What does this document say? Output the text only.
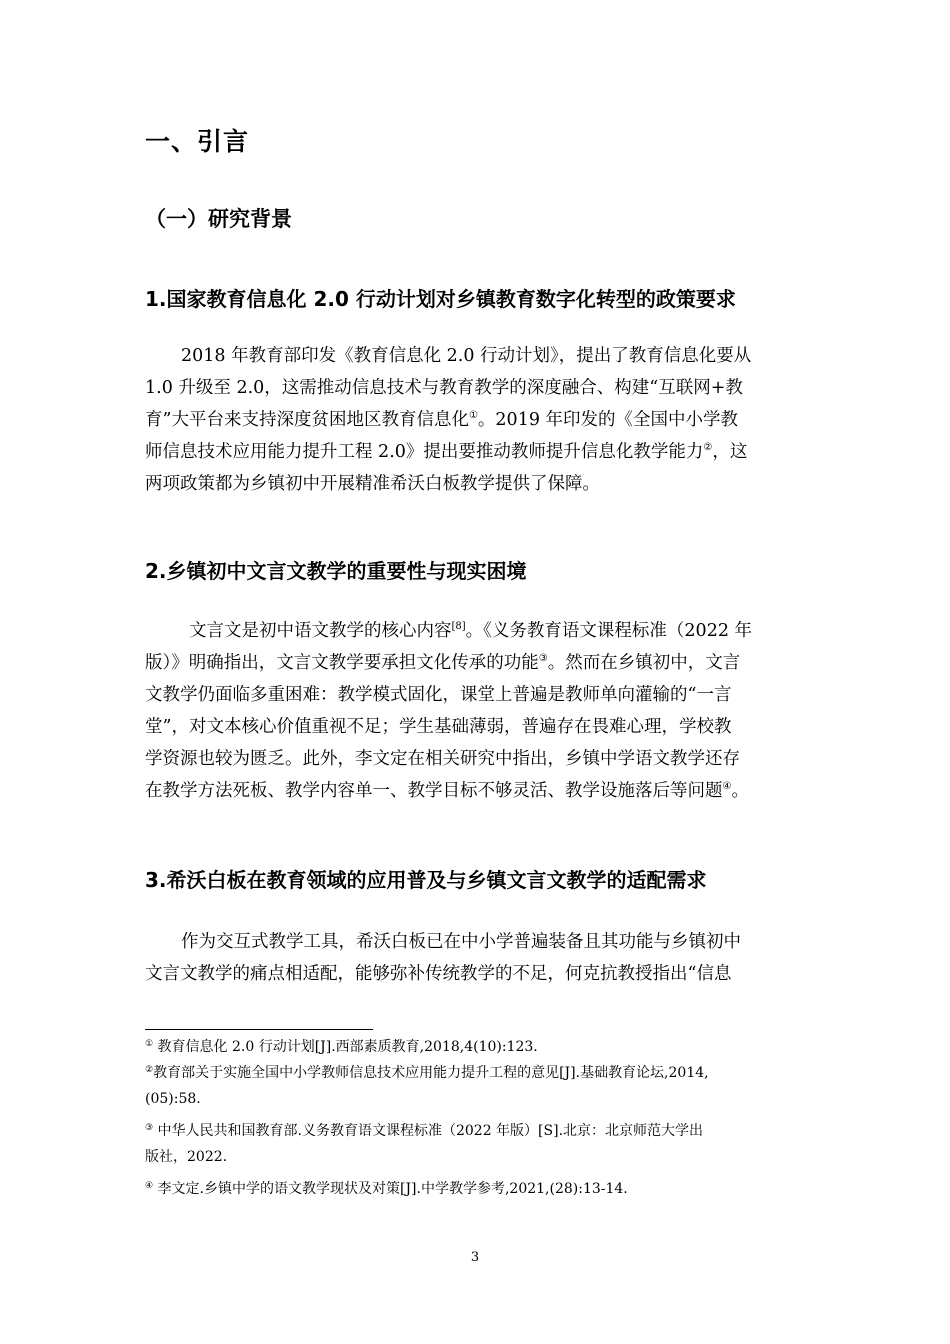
一、引言
（一）研究背景
1.国家教育信息化 2.0 行动计划对乡镇教育数字化转型的政策要求
2018 年教育部印发《教育信息化 2.0 行动计划》，提出了教育信息化要从
1.0 升级至 2.0，这需推动信息技术与教育教学的深度融合、构建“互联网+教
育”大平台来支持深度贫困地区教育信息化①。2019 年印发的《全国中小学教
师信息技术应用能力提升工程 2.0》提出要推动教师提升信息化教学能力②，这
两项政策都为乡镇初中开展精准希沃白板教学提供了保障。
2.乡镇初中文言文教学的重要性与现实困境
文言文是初中语文教学的核心内容[8]。《义务教育语文课程标准（2022 年
版）》明确指出，文言文教学要承担文化传承的功能③。然而在乡镇初中，文言
文教学仍面临多重困难：教学模式固化，课堂上普遍是教师单向灌输的“一言
堂”，对文本核心价值重视不足；学生基础薄弱，普遍存在畏难心理，学校教
学资源也较为匮乏。此外，李文定在相关研究中指出，乡镇中学语文教学还存
在教学方法死板、教学内容单一、教学目标不够灵活、教学设施落后等问题④。
3.希沃白板在教育领域的应用普及与乡镇文言文教学的适配需求
作为交互式教学工具，希沃白板已在中小学普遍装备且其功能与乡镇初中
文言文教学的痛点相适配，能够弥补传统教学的不足，何克抗教授指出“信息
① 教育信息化 2.0 行动计划[J].西部素质教育,2018,4(10):123.
②教育部关于实施全国中小学教师信息技术应用能力提升工程的意见[J].基础教育论坛,2014,
(05):58.
③ 中华人民共和国教育部.义务教育语文课程标准（2022 年版）[S].北京：北京师范大学出
版社，2022.
④ 李文定.乡镇中学的语文教学现状及对策[J].中学教学参考,2021,(28):13-14.
3
